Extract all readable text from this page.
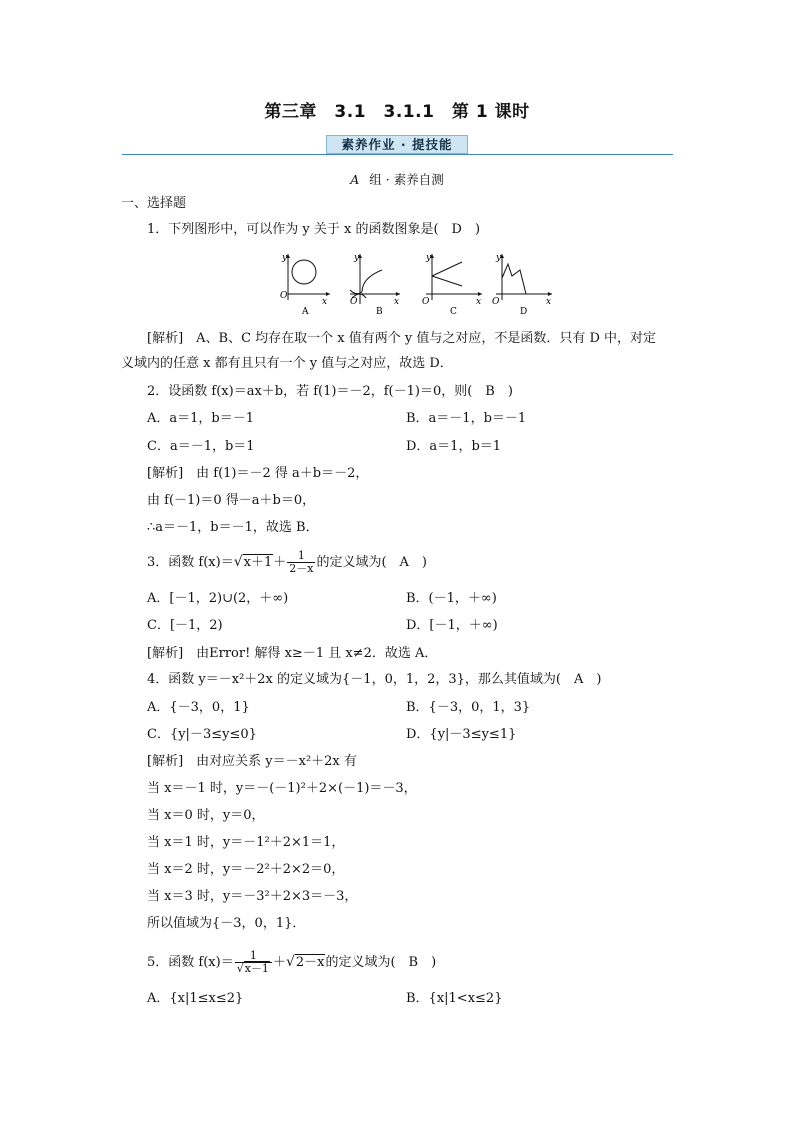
第三章　3.1　3.1.1　第 1 课时
素养作业 · 提技能
A 组 · 素养自测
一、选择题
1．下列图形中，可以作为 y 关于 x 的函数图象是(　D　)
y
O
x
A
y
O	x
B
y
O	x
C
y
O	x
D
[解析]　A、B、C 均存在取一个 x 值有两个 y 值与之对应，不是函数．只有 D 中，对定
义域内的任意 x 都有且只有一个 y 值与之对应，故选 D．
2．设函数 f(x)＝ax＋b，若 f(1)＝－2，f(－1)＝0，则(　B　)
A．a＝1，b＝－1	B．a＝－1，b＝－1
C．a＝－1，b＝1	D．a＝1，b＝1
[解析]　由 f(1)＝－2 得 a＋b＝－2，
由 f(－1)＝0 得－a＋b＝0，
∴a＝－1，b＝－1，故选 B．
3．函数 $f(x)=√x+1+ \frac{1}{2-x}$ 的定义域为(　A　)
A．[－1，2)∪(2，＋∞)	B．(－1，＋∞)
C．[－1，2)	D．[－1，＋∞)
[解析]　由Error! 解得 x≥－1 且 x≠2．故选 A．
4．函数 y＝－x²＋2x 的定义域为{－1，0，1，2，3}，那么其值域为(　A　)
A．{－3，0，1}	B．{－3，0，1，3}
C．{y|－3≤y≤0}	D．{y|－3≤y≤1}
[解析]　由对应关系 y＝－x²＋2x 有
当 x＝－1 时，y＝－(－1)²＋2×(－1)＝－3，
当 x＝0 时，y＝0，
当 x＝1 时，y＝－1²＋2×1＝1，
当 x＝2 时，y＝－2²＋2×2＝0，
当 x＝3 时，y＝－3²＋2×3＝－3，
所以值域为{－3，0，1}．
5．函数 $f(x)= \frac{1}{√x-1} +√2-x$的定义域为(　B　)
A．{x|1≤x≤2}	B．{x|1<x≤2}
